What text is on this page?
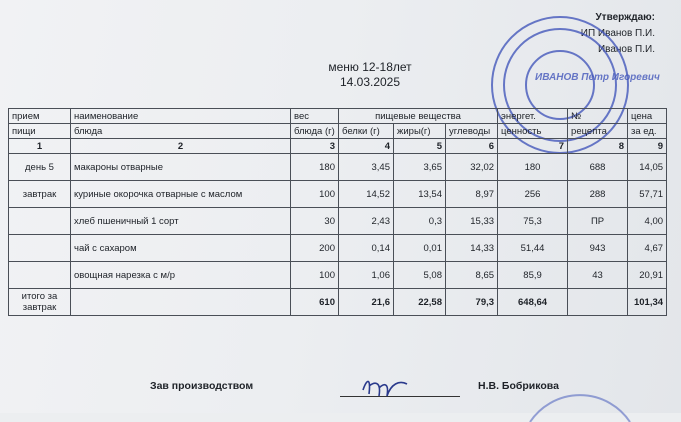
Утверждаю:
ИП Иванов П.И.
Иванов П.И.
ИВАНОВ Петр Игоревич
меню 12-18лет
14.03.2025
прием	наименование	вес	пищевые вещества			энергет.	№	цена
пищи	блюда	блюда (г)	белки (г)	жиры(г)	углеводы	ценность	рецепта	за ед.
1	2	3	4	5	6	7	8	9
день 5	макароны отварные	180	3,45	3,65	32,02	180	688	14,05
завтрак	куриные окорочка отварные с маслом	100	14,52	13,54	8,97	256	288	57,71
	хлеб пшеничный 1 сорт	30	2,43	0,3	15,33	75,3	ПР	4,00
	чай с сахаром	200	0,14	0,01	14,33	51,44	943	4,67
	овощная нарезка с м/р	100	1,06	5,08	8,65	85,9	43	20,91
итого за завтрак		610	21,6	22,58	79,3	648,64		101,34
Зав производством	Н.В. Бобрикова
